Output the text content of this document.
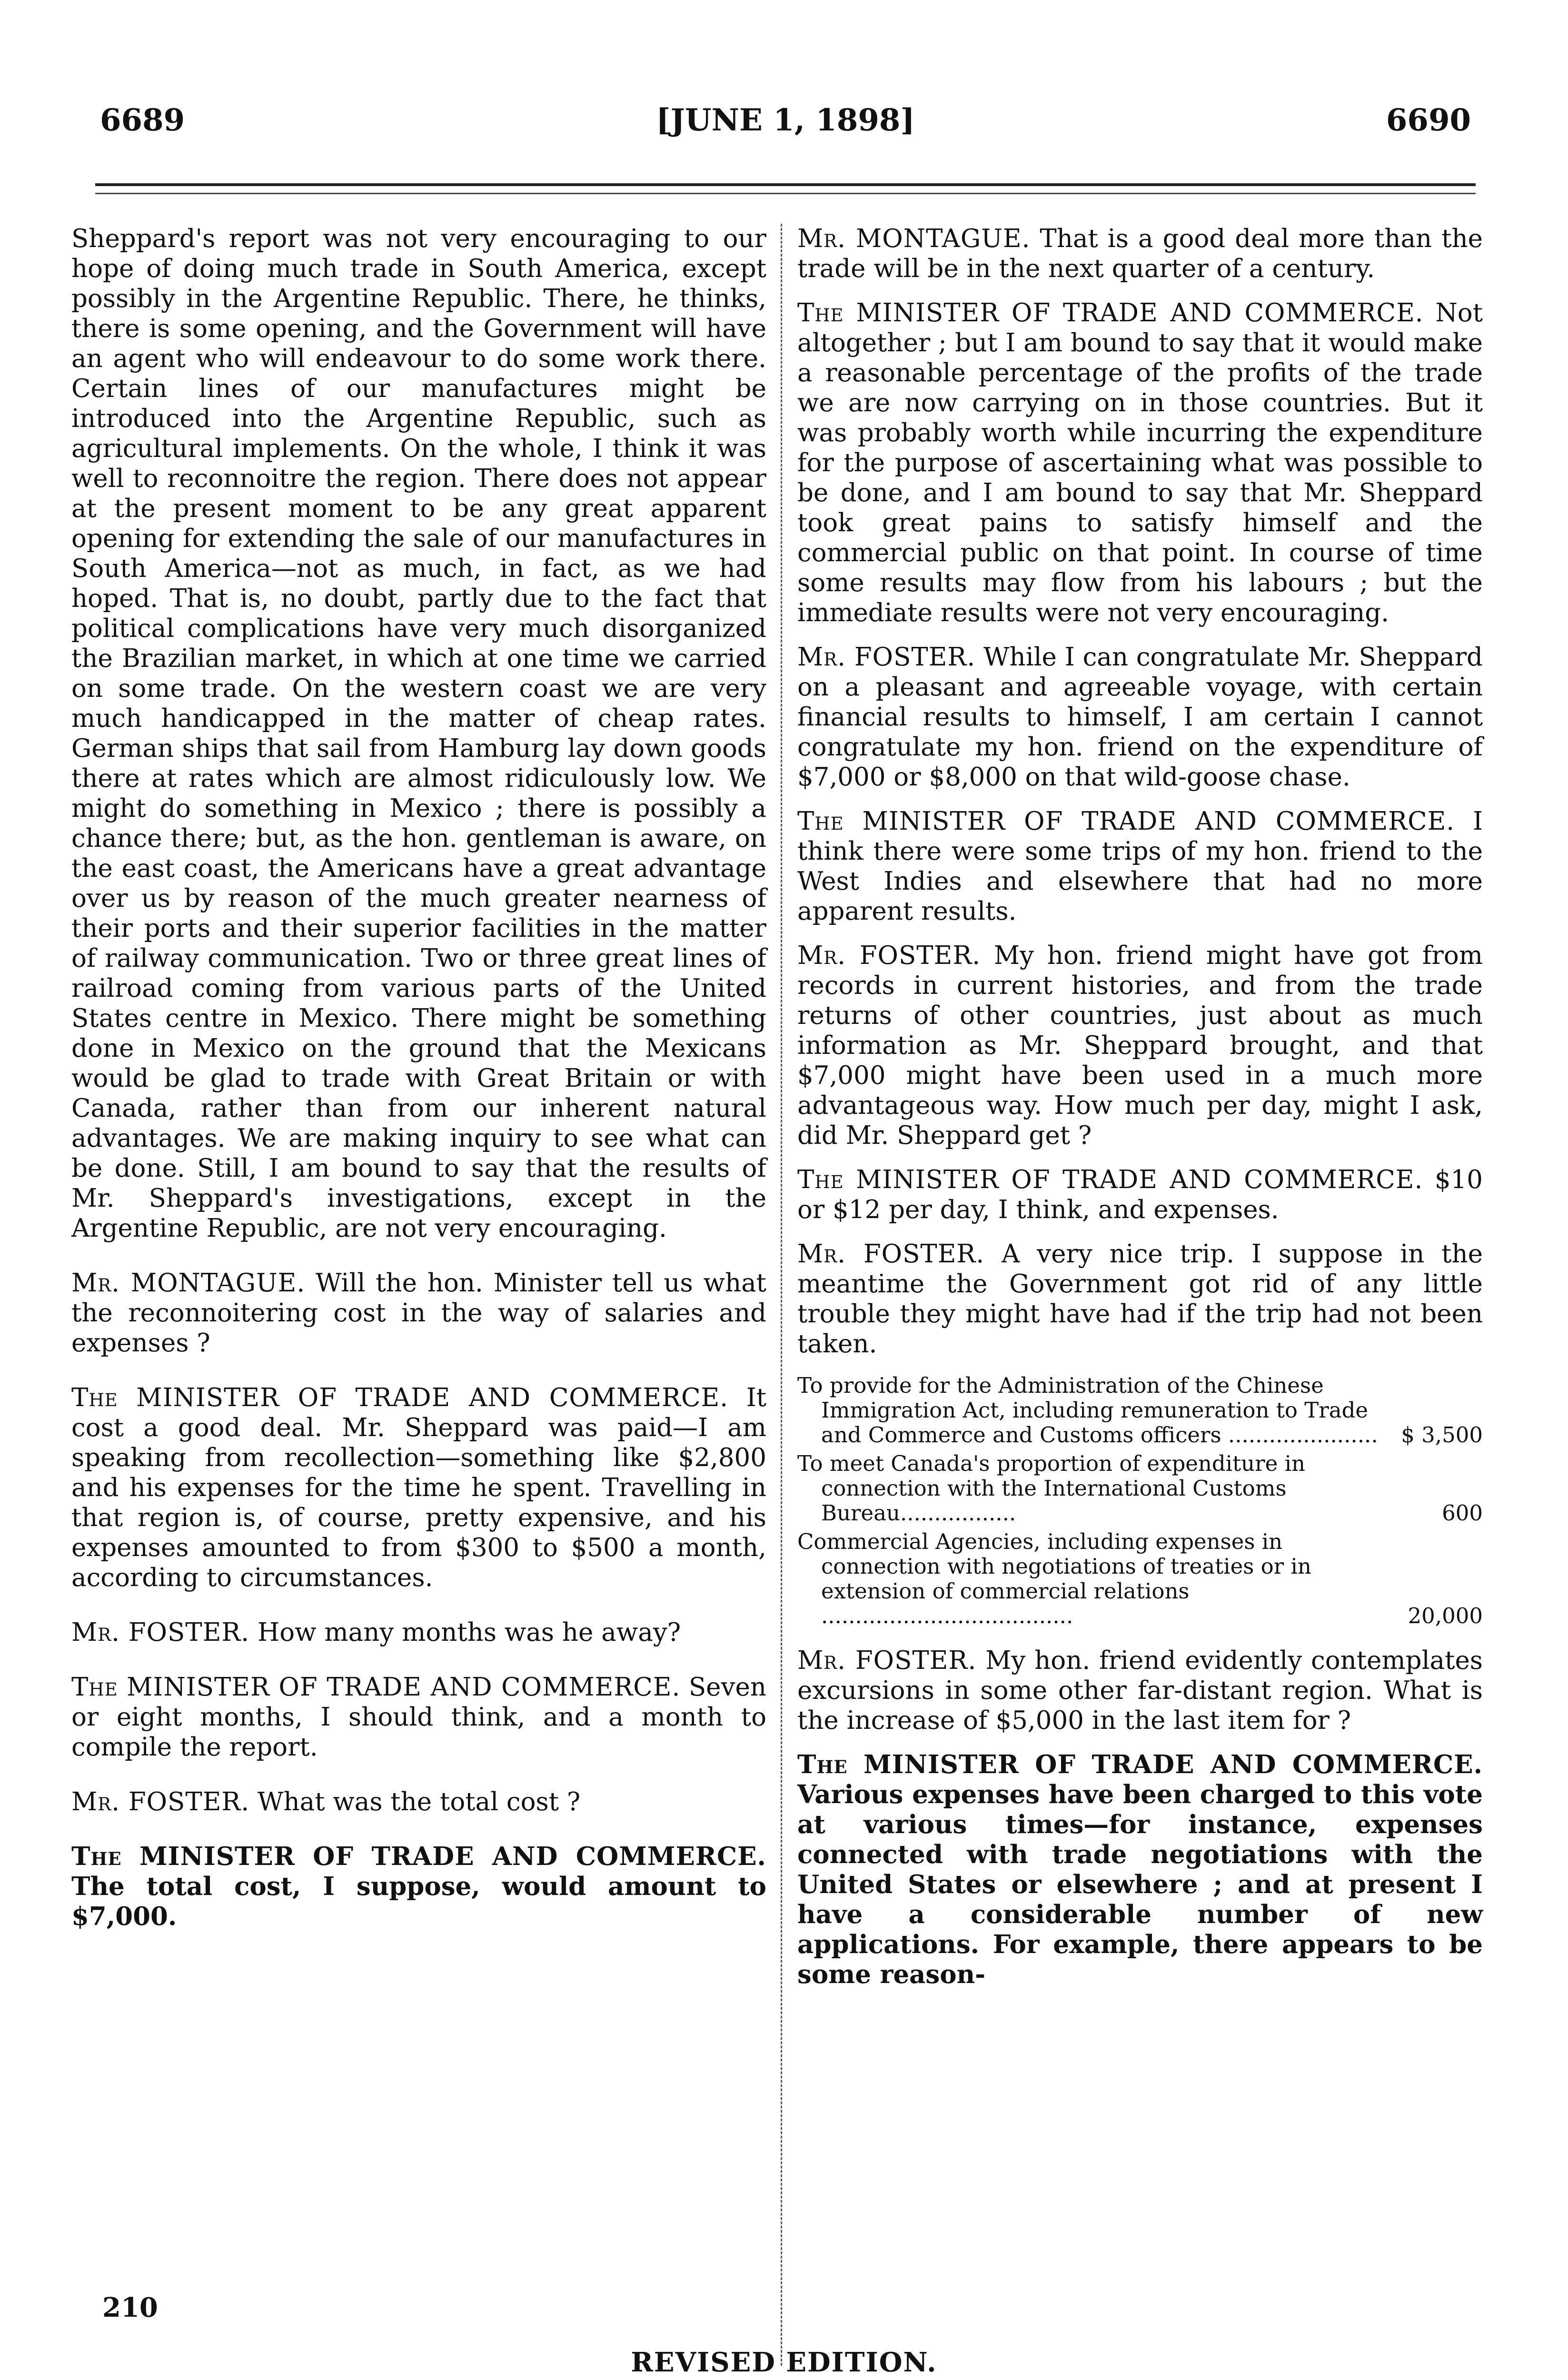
6689	[JUNE 1, 1898]	6690

Sheppard's report was not very encouraging to our hope of doing much trade in South America, except possibly in the Argentine Republic. There, he thinks, there is some opening, and the Government will have an agent who will endeavour to do some work there. Certain lines of our manufactures might be introduced into the Argentine Republic, such as agricultural implements. On the whole, I think it was well to reconnoitre the region. There does not appear at the present moment to be any great apparent opening for extending the sale of our manufactures in South America—not as much, in fact, as we had hoped. That is, no doubt, partly due to the fact that political complications have very much disorganized the Brazilian market, in which at one time we carried on some trade. On the western coast we are very much handicapped in the matter of cheap rates. German ships that sail from Hamburg lay down goods there at rates which are almost ridiculously low. We might do something in Mexico ; there is possibly a chance there; but, as the hon. gentleman is aware, on the east coast, the Americans have a great advantage over us by reason of the much greater nearness of their ports and their superior facilities in the matter of railway communication. Two or three great lines of railroad coming from various parts of the United States centre in Mexico. There might be something done in Mexico on the ground that the Mexicans would be glad to trade with Great Britain or with Canada, rather than from our inherent natural advantages. We are making inquiry to see what can be done. Still, I am bound to say that the results of Mr. Sheppard's investigations, except in the Argentine Republic, are not very encouraging.

Mr. MONTAGUE. Will the hon. Minister tell us what the reconnoitering cost in the way of salaries and expenses ?

The MINISTER OF TRADE AND COMMERCE. It cost a good deal. Mr. Sheppard was paid—I am speaking from recollection—something like $2,800 and his expenses for the time he spent. Travelling in that region is, of course, pretty expensive, and his expenses amounted to from $300 to $500 a month, according to circumstances.

Mr. FOSTER. How many months was he away?

The MINISTER OF TRADE AND COMMERCE. Seven or eight months, I should think, and a month to compile the report.

Mr. FOSTER. What was the total cost ?

The MINISTER OF TRADE AND COMMERCE. The total cost, I suppose, would amount to $7,000.

Mr. MONTAGUE. That is a good deal more than the trade will be in the next quarter of a century.

The MINISTER OF TRADE AND COMMERCE. Not altogether ; but I am bound to say that it would make a reasonable percentage of the profits of the trade we are now carrying on in those countries. But it was probably worth while incurring the expenditure for the purpose of ascertaining what was possible to be done, and I am bound to say that Mr. Sheppard took great pains to satisfy himself and the commercial public on that point. In course of time some results may flow from his labours ; but the immediate results were not very encouraging.

Mr. FOSTER. While I can congratulate Mr. Sheppard on a pleasant and agreeable voyage, with certain financial results to himself, I am certain I cannot congratulate my hon. friend on the expenditure of $7,000 or $8,000 on that wild-goose chase.

The MINISTER OF TRADE AND COMMERCE. I think there were some trips of my hon. friend to the West Indies and elsewhere that had no more apparent results.

Mr. FOSTER. My hon. friend might have got from records in current histories, and from the trade returns of other countries, just about as much information as Mr. Sheppard brought, and that $7,000 might have been used in a much more advantageous way. How much per day, might I ask, did Mr. Sheppard get ?

The MINISTER OF TRADE AND COMMERCE. $10 or $12 per day, I think, and expenses.

Mr. FOSTER. A very nice trip. I suppose in the meantime the Government got rid of any little trouble they might have had if the trip had not been taken.

To provide for the Administration of the Chinese Immigration Act, including remuneration to Trade and Commerce and Customs officers ......................	$ 3,500
To meet Canada's proportion of expenditure in connection with the International Customs Bureau.................	600
Commercial Agencies, including expenses in connection with negotiations of treaties or in extension of commercial relations .....................................	20,000

Mr. FOSTER. My hon. friend evidently contemplates excursions in some other far-distant region. What is the increase of $5,000 in the last item for ?

The MINISTER OF TRADE AND COMMERCE. Various expenses have been charged to this vote at various times—for instance, expenses connected with trade negotiations with the United States or elsewhere ; and at present I have a considerable number of new applications. For example, there appears to be some reason-

210
REVISED EDITION.
